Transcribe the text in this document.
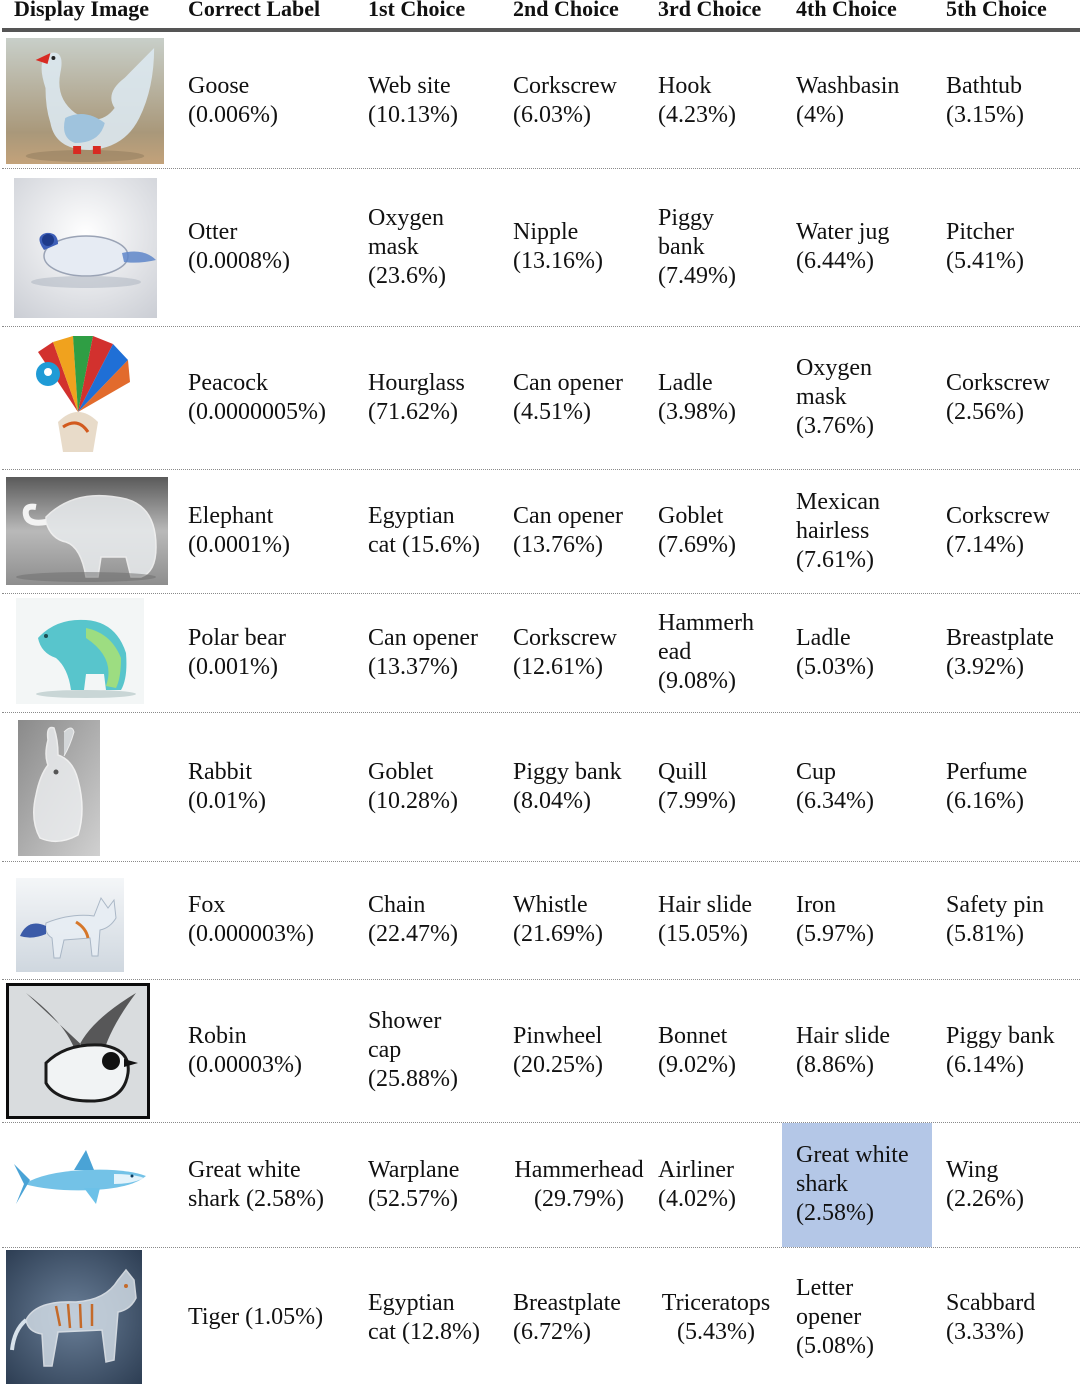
Display Image Correct Label 1st Choice 2nd Choice 3rd Choice 4th Choice 5th Choice
Goose
(0.006%)
Web site
(10.13%)
Corkscrew
(6.03%)
Hook
(4.23%)
Washbasin
(4%)
Bathtub
(3.15%)
Otter
(0.0008%)
Oxygen
mask
(23.6%)
Nipple
(13.16%)
Piggy
bank
(7.49%)
Water jug
(6.44%)
Pitcher
(5.41%)
Peacock
(0.0000005%)
Hourglass
(71.62%)
Can opener
(4.51%)
Ladle
(3.98%)
Oxygen
mask
(3.76%)
Corkscrew
(2.56%)
Elephant
(0.0001%)
Egyptian
cat (15.6%)
Can opener
(13.76%)
Goblet
(7.69%)
Mexican
hairless
(7.61%)
Corkscrew
(7.14%)
Polar bear
(0.001%)
Can opener
(13.37%)
Corkscrew
(12.61%)
Hammerh
ead
(9.08%)
Ladle
(5.03%)
Breastplate
(3.92%)
Rabbit
(0.01%)
Goblet
(10.28%)
Piggy bank
(8.04%)
Quill
(7.99%)
Cup
(6.34%)
Perfume
(6.16%)
Fox
(0.000003%)
Chain
(22.47%)
Whistle
(21.69%)
Hair slide
(15.05%)
Iron
(5.97%)
Safety pin
(5.81%)
Robin
(0.00003%)
Shower
cap
(25.88%)
Pinwheel
(20.25%)
Bonnet
(9.02%)
Hair slide
(8.86%)
Piggy bank
(6.14%)
Great white
shark (2.58%)
Warplane
(52.57%)
Hammerhead
(29.79%)
Airliner
(4.02%)
Great white
shark
(2.58%)
Wing
(2.26%)
Tiger (1.05%)
Egyptian
cat (12.8%)
Breastplate
(6.72%)
Triceratops
(5.43%)
Letter
opener
(5.08%)
Scabbard
(3.33%)
